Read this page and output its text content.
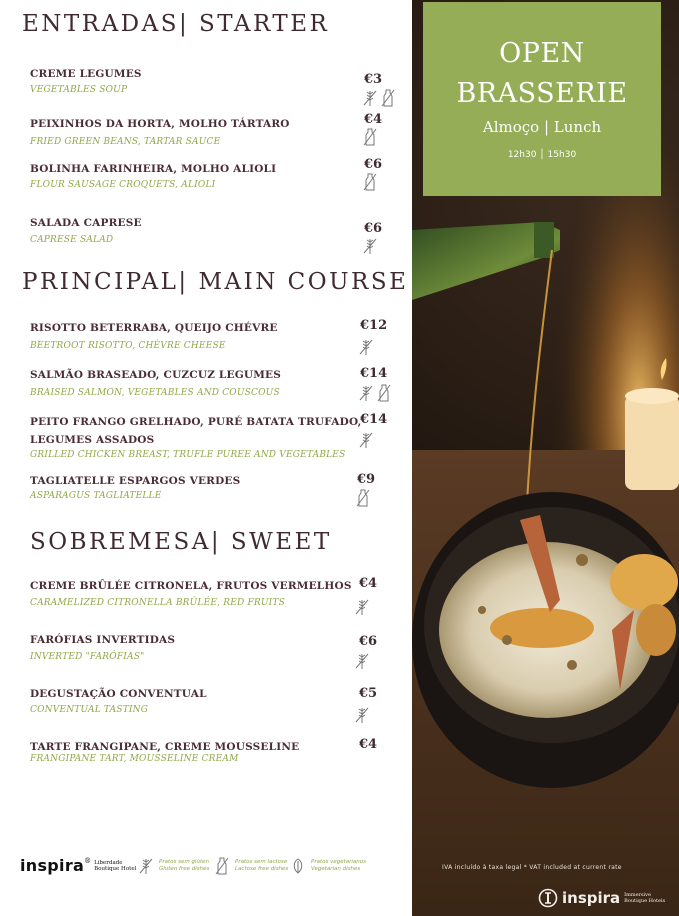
ENTRADAS| STARTER
CREME LEGUMES
VEGETABLES SOUP
€3
PEIXINHOS DA HORTA, MOLHO TÁRTARO
FRIED GREEN BEANS, TARTAR SAUCE
€4
BOLINHA FARINHEIRA, MOLHO ALIOLI
FLOUR SAUSAGE CROQUETS, ALIOLI
€6
SALADA CAPRESE
CAPRESE SALAD
€6
PRINCIPAL| MAIN COURSE
RISOTTO BETERRABA, QUEIJO CHÉVRE
BEETROOT RISOTTO, CHÈVRE CHEESE
€12
SALMÃO BRASEADO, CUZCUZ LEGUMES
BRAISED SALMON, VEGETABLES AND COUSCOUS
€14
PEITO FRANGO GRELHADO, PURÉ BATATA TRUFADO,
LEGUMES ASSADOS
GRILLED CHICKEN BREAST, TRUFLE PUREE AND VEGETABLES
€14
TAGLIATELLE ESPARGOS VERDES
ASPARAGUS TAGLIATELLE
€9
SOBREMESA| SWEET
CREME BRÛLÉE CITRONELA, FRUTOS VERMELHOS
CARAMELIZED CITRONELLA BRÛLÉE, RED FRUITS
€4
FARÓFIAS INVERTIDAS
INVERTED "FARÓFIAS"
€6
DEGUSTAÇÃO CONVENTUAL
CONVENTUAL TASTING
€5
TARTE FRANGIPANE, CREME MOUSSELINE
FRANGIPANE TART, MOUSSELINE CREAM
€4
inspira ® Liberdade
Boutique Hotel
Pratos sem glúten
Gluten free dishes
Pratos sem lactose
Lactose free dishes
Pratos vegetarianos
Vegetarian dishes	IVA incluído à taxa legal * VAT included at current rate
inspira Immersive
Boutique Hotels
OPEN
BRASSERIE
Almoço | Lunch
12h30 │ 15h30
